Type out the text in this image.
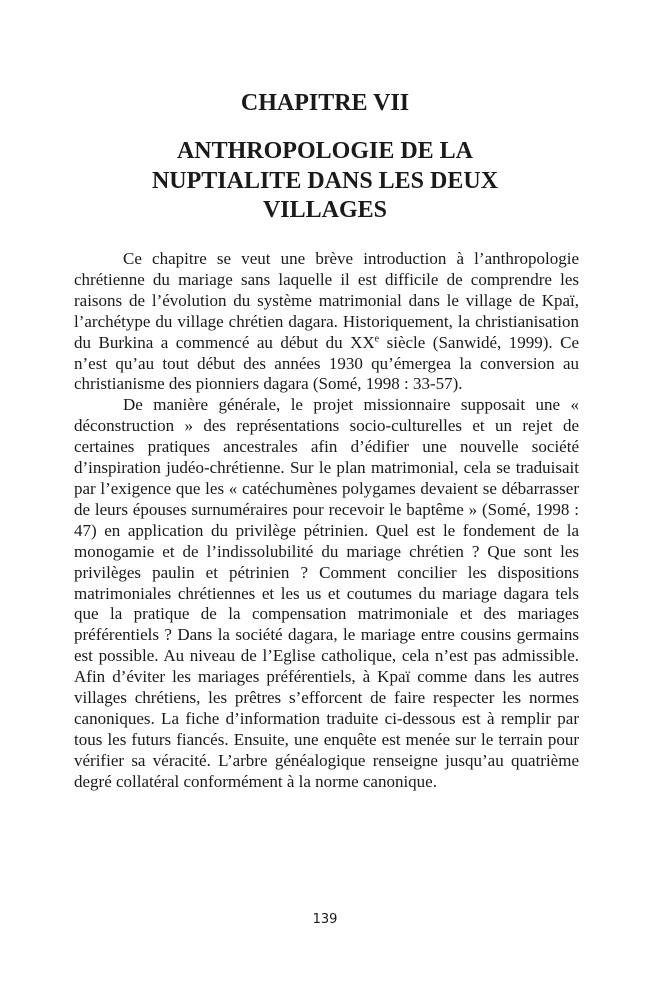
CHAPITRE VII
ANTHROPOLOGIE DE LA
NUPTIALITE DANS LES DEUX
VILLAGES

Ce chapitre se veut une brève introduction à l’anthropologie chrétienne du mariage sans laquelle il est difficile de comprendre les raisons de l’évolution du système matrimonial dans le village de Kpaï, l’archétype du village chrétien dagara. Historiquement, la christianisation du Burkina a commencé au début du XXe siècle (Sanwidé, 1999). Ce n’est qu’au tout début des années 1930 qu’émergea la conversion au christianisme des pionniers dagara (Somé, 1998 : 33-57).

De manière générale, le projet missionnaire supposait une « déconstruction » des représentations socio-culturelles et un rejet de certaines pratiques ancestrales afin d’édifier une nouvelle société d’inspiration judéo-chrétienne. Sur le plan matrimonial, cela se traduisait par l’exigence que les « catéchumènes polygames devaient se débarrasser de leurs épouses surnuméraires pour recevoir le baptême » (Somé, 1998 : 47) en application du privilège pétrinien. Quel est le fondement de la monogamie et de l’indissolubilité du mariage chrétien ? Que sont les privilèges paulin et pétrinien ? Comment concilier les dispositions matrimoniales chrétiennes et les us et coutumes du mariage dagara tels que la pratique de la compensation matrimoniale et des mariages préférentiels ? Dans la société dagara, le mariage entre cousins germains est possible. Au niveau de l’Eglise catholique, cela n’est pas admissible. Afin d’éviter les mariages préférentiels, à Kpaï comme dans les autres villages chrétiens, les prêtres s’efforcent de faire respecter les normes canoniques. La fiche d’information traduite ci-dessous est à remplir par tous les futurs fiancés. Ensuite, une enquête est menée sur le terrain pour vérifier sa véracité. L’arbre généalogique renseigne jusqu’au quatrième degré collatéral conformément à la norme canonique.

139
